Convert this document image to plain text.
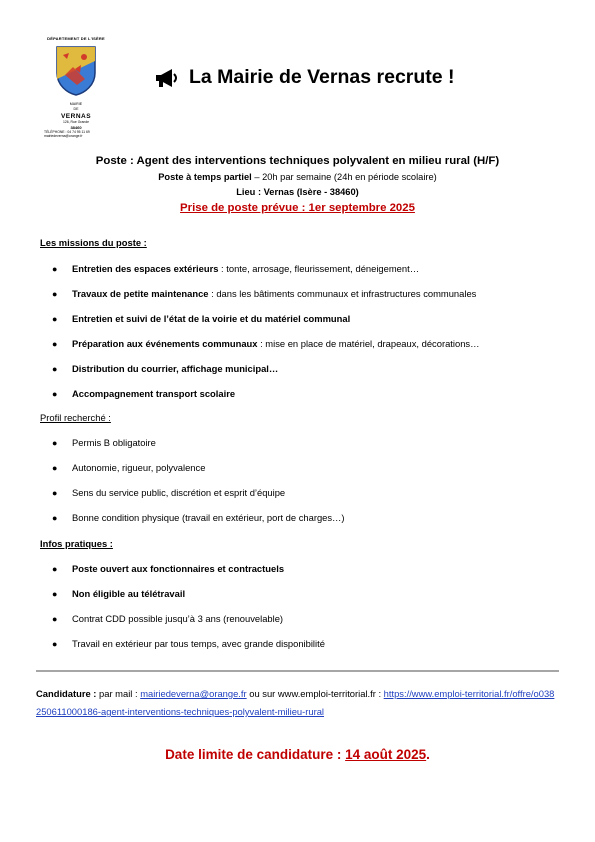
DÉPARTEMENT DE L'ISÈRE
MAIRIE
DE
VERNAS
126, Rue Grande
38460
TÉLÉPHONE : 04 74 95 11 69
mairiedeverna@orange.fr
La Mairie de Vernas recrute !
Poste : Agent des interventions techniques polyvalent en milieu rural (H/F)
Poste à temps partiel – 20h par semaine (24h en période scolaire)
Lieu : Vernas (Isère - 38460)
Prise de poste prévue : 1er septembre 2025

Les missions du poste :

● Entretien des espaces extérieurs : tonte, arrosage, fleurissement, déneigement…
● Travaux de petite maintenance : dans les bâtiments communaux et infrastructures communales
● Entretien et suivi de l’état de la voirie et du matériel communal
● Préparation aux événements communaux : mise en place de matériel, drapeaux, décorations…
● Distribution du courrier, affichage municipal…
● Accompagnement transport scolaire

Profil recherché :

● Permis B obligatoire
● Autonomie, rigueur, polyvalence
● Sens du service public, discrétion et esprit d’équipe
● Bonne condition physique (travail en extérieur, port de charges…)

Infos pratiques :

● Poste ouvert aux fonctionnaires et contractuels
● Non éligible au télétravail
● Contrat CDD possible jusqu’à 3 ans (renouvelable)
● Travail en extérieur par tous temps, avec grande disponibilité
Candidature : par mail : mairiedeverna@orange.fr ou sur www.emploi-territorial.fr : https://www.emploi-territorial.fr/offre/o038250611000186-agent-interventions-techniques-polyvalent-milieu-rural
Date limite de candidature : 14 août 2025.
